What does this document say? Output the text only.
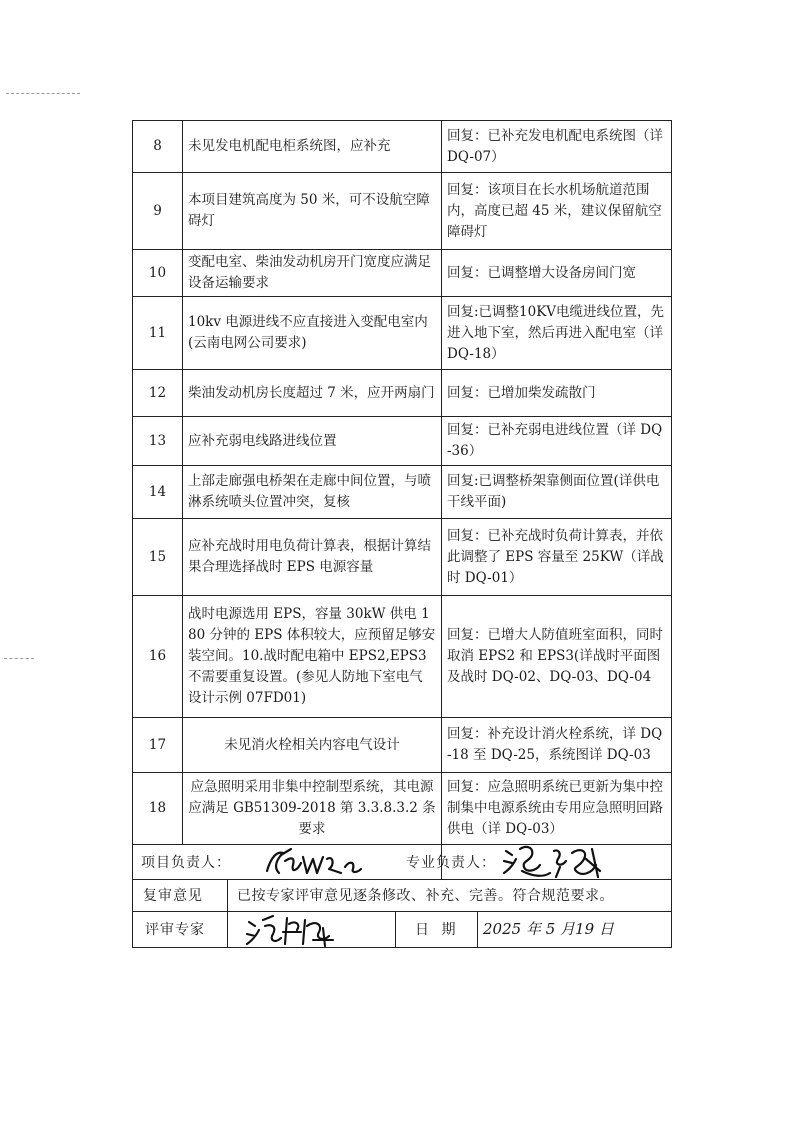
8	未见发电机配电柜系统图，应补充	回复：已补充发电机配电系统图（详 DQ-07）
9	本项目建筑高度为 50 米，可不设航空障碍灯	回复：该项目在长水机场航道范围内，高度已超 45 米，建议保留航空障碍灯
10	变配电室、柴油发动机房开门宽度应满足设备运输要求	回复：已调整增大设备房间门宽
11	10kv 电源进线不应直接进入变配电室内(云南电网公司要求)	回复:已调整10KV电缆进线位置，先进入地下室，然后再进入配电室（详 DQ-18）
12	柴油发动机房长度超过 7 米，应开两扇门	回复：已增加柴发疏散门
13	应补充弱电线路进线位置	回复：已补充弱电进线位置（详 DQ-36）
14	上部走廊强电桥架在走廊中间位置，与喷淋系统喷头位置冲突，复核	回复:已调整桥架靠侧面位置(详供电干线平面)
15	应补充战时用电负荷计算表，根据计算结果合理选择战时 EPS 电源容量	回复：已补充战时负荷计算表，并依此调整了 EPS 容量至 25KW（详战时 DQ-01）
16	战时电源选用 EPS，容量 30kW 供电 180 分钟的 EPS 体积较大，应预留足够安装空间。10.战时配电箱中 EPS2,EPS3 不需要重复设置。(参见人防地下室电气设计示例 07FD01)	回复：已增大人防值班室面积，同时取消 EPS2 和 EPS3(详战时平面图及战时 DQ-02、DQ-03、DQ-04
17	未见消火栓相关内容电气设计	回复：补充设计消火栓系统，详 DQ-18 至 DQ-25，系统图详 DQ-03
18	应急照明采用非集中控制型系统，其电源应满足 GB51309-2018 第 3.3.8.3.2 条要求	回复：应急照明系统已更新为集中控制集中电源系统由专用应急照明回路供电（详 DQ-03）

项目负责人：		专业负责人：

复审意见 已按专家评审意见逐条修改、补充、完善。符合规范要求。		

评审专家 日 期 2025 年 5 月19 日		
